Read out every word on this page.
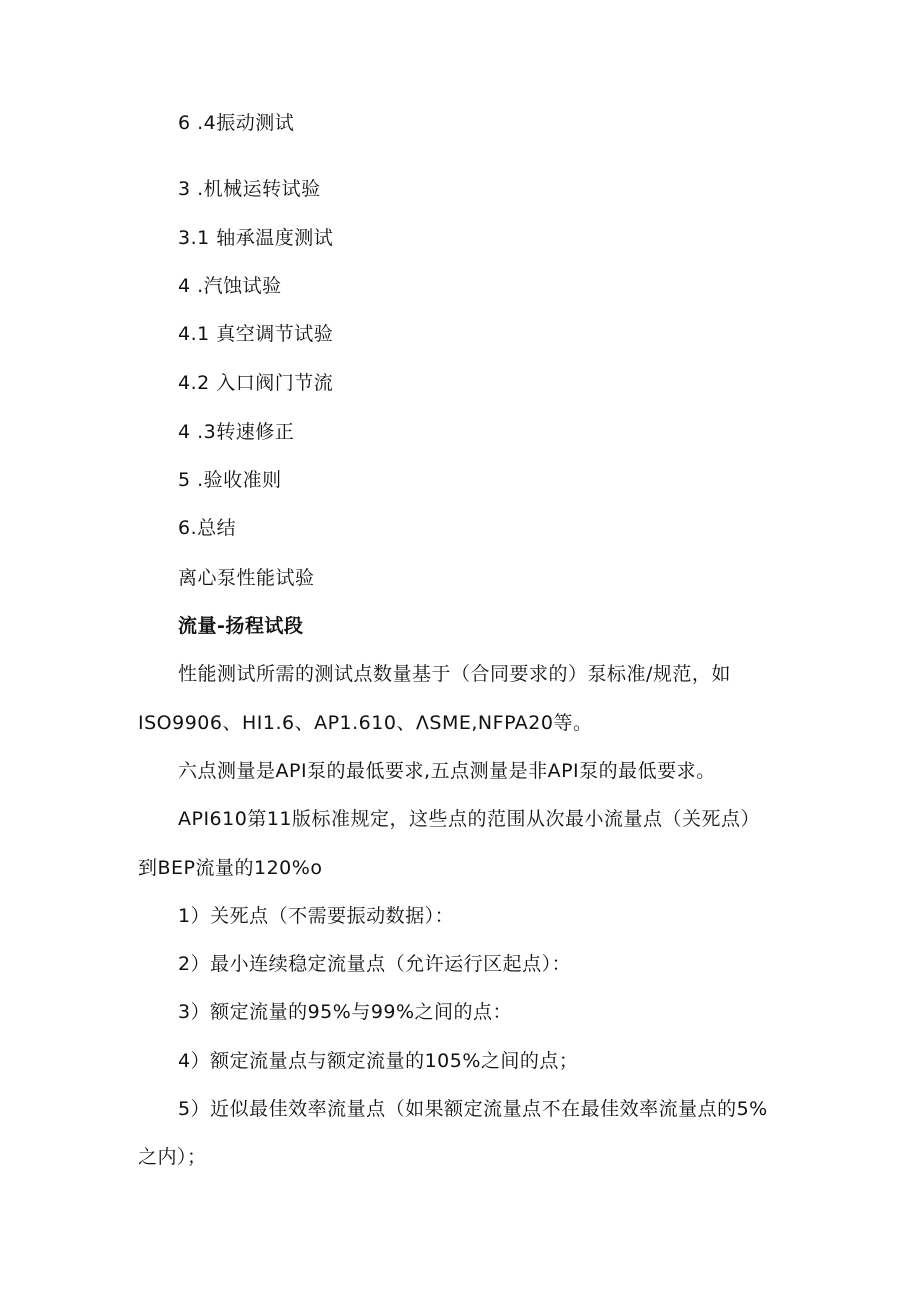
6 .4振动测试
3 .机械运转试验
3.1 轴承温度测试
4 .汽蚀试验
4.1 真空调节试验
4.2 入口阀门节流
4 .3转速修正
5 .验收准则
6.总结
离心泵性能试验
流量-扬程试段
性能测试所需的测试点数量基于（合同要求的）泵标准/规范，如
ISO9906、HI1.6、AP1.610、ΛSME,NFPA20等。
六点测量是API泵的最低要求,五点测量是非API泵的最低要求。
API610第11版标准规定，这些点的范围从次最小流量点（关死点）
到BEP流量的120%o
1）关死点（不需要振动数据）：
2）最小连续稳定流量点（允许运行区起点）：
3）额定流量的95%与99%之间的点：
4）额定流量点与额定流量的105%之间的点；
5）近似最佳效率流量点（如果额定流量点不在最佳效率流量点的5%
之内）；
